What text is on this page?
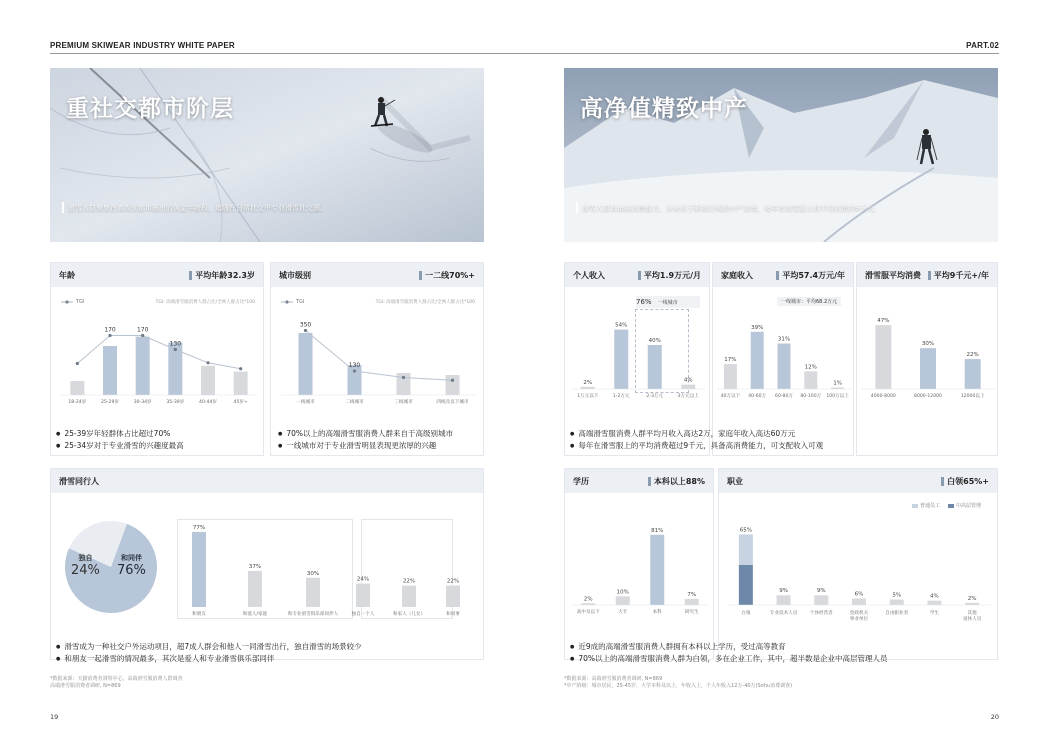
PREMIUM SKIWEAR INDUSTRY WHITE PAPER	PART.02
重社交都市阶层
滑雪人群聚集在高级别都市圈出的黄金年龄段，追随在日常社交中专业滑雪社交圈。
高净值精致中产
滑雪人群具备高消费能力，多来自于职场白领的中产家庭，每年在滑雪服上的平均消费约9千元。
年龄	平均年龄32.3岁
TGI	TGI: 高端滑雪服消费人群占比/全网人群占比*100
18-24岁	25-29岁	30-34岁	35-39岁	40-44岁	45岁+
170	170
130
● 25-39岁年轻群体占比超过70%
● 25-34岁对于专业滑雪的兴趣度最高
城市级别	一二线70%+
TGI	TGI: 高端滑雪服消费人群占比/全网人群占比*100
一线城市	二线城市	三线城市	四线及以下城市
350
130
● 70%以上的高端滑雪服消费人群来自于高级别城市
● 一线城市对于专业滑雪明显表现更浓厚的兴趣
滑雪同行人
独自
24%
和同伴
76%
77%
和朋友
37%
和爱人/家庭
30%
和专业滑雪俱乐部同伴人
24%
独自一个人
22%
和家人（儿女）
22%
和同事
● 滑雪成为一种社交户外运动项目，超7成人群会和他人一同滑雪出行，独自滑雪的场景较少
● 和朋友一起滑雪的情况最多，其次是爱人和专业滑雪俱乐部同伴
*数据来源：天猫消费者洞察中心，高端滑雪服消费人群调查
高端滑雪服消费者调研, N=869
个人收入	平均1.9万元/月
76% 一线城市
2%
1万元以下
54%
1-2万元
40%
2-3万元
4%
3万元以上
家庭收入	平均57.4万元/年
一线城市：平均68.2万元
17%
40万以下
39%
40-60万
31%
60-80万
12%
80-100万
1%
100万以上
滑雪服平均消费 平均9千元+/年
47%
4000-8000
30%
8000-12000
22%
12000以上
● 高端滑雪服消费人群平均月收入高达2万，家庭年收入高达60万元
● 每年在滑雪服上的平均消费超过9千元，具备高消费能力，可支配收入可观
学历	本科以上88%
2%
高中及以下
10%
大专
81%
本科
7%
研究生
职业	白领65%+
普通员工	中高层管理
65%
白领
9%
专业技术人员
9%
个体经营者
6%
党政机关
事业单位
5%
自由职业者
4%
学生
2%
其他
退休人员
● 近9成的高端滑雪服消费人群拥有本科以上学历，受过高等教育
● 70%以上的高端滑雪服消费人群为白领，多在企业工作，其中，超半数是企业中高层管理人员
*数据来源：高端滑雪服消费者调研, N=869
*中产阶级：城市居民，25-45岁，大学本科及以上，年收入上，个人年收入12万-40万(Sohu消费调查)
19	20
